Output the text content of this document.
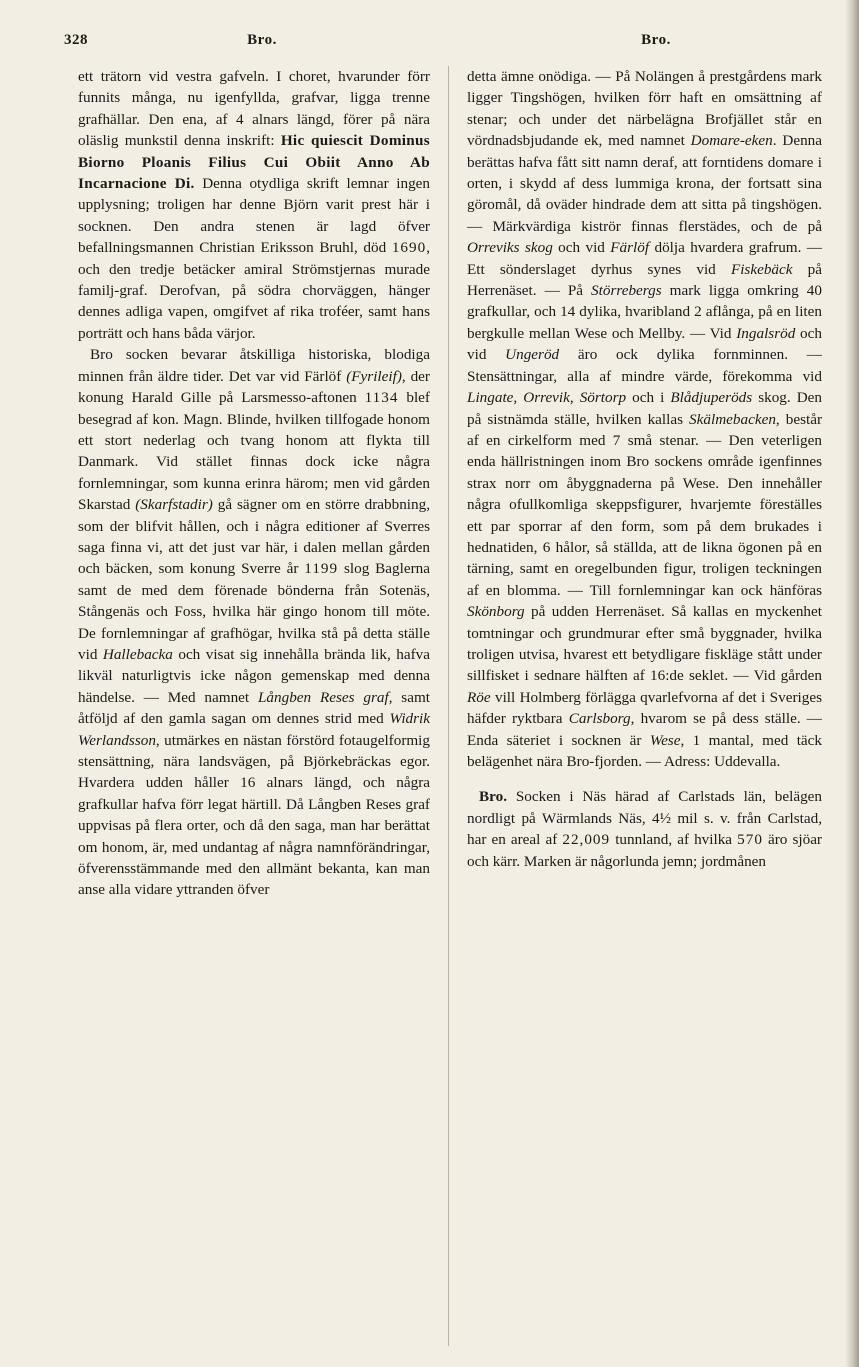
328	Bro.	Bro.

ett trätorn vid vestra gafveln. I choret, hvarunder förr funnits många, nu igenfyllda, grafvar, ligga trenne grafhällar. Den ena, af 4 alnars längd, förer på nära oläslig munkstil denna inskrift: Hic quiescit Dominus Biorno Ploanis Filius Cui Obiit Anno Ab Incarnacione Di. Denna otydliga skrift lemnar ingen upplysning; troligen har denne Björn varit prest här i socknen. Den andra stenen är lagd öfver befallningsmannen Christian Eriksson Bruhl, död 1690, och den tredje betäcker amiral Strömstjernas murade familj-graf. Derofvan, på södra chorväggen, hänger dennes adliga vapen, omgifvet af rika troféer, samt hans porträtt och hans båda värjor.

Bro socken bevarar åtskilliga historiska, blodiga minnen från äldre tider. Det var vid Färlöf (Fyrileif), der konung Harald Gille på Larsmesso-aftonen 1134 blef besegrad af kon. Magn. Blinde, hvilken tillfogade honom ett stort nederlag och tvang honom att flykta till Danmark. Vid stället finnas dock icke några fornlemningar, som kunna erinra härom; men vid gården Skarstad (Skarfstadir) gå sägner om en större drabbning, som der blifvit hållen, och i några editioner af Sverres saga finna vi, att det just var här, i dalen mellan gården och bäcken, som konung Sverre år 1199 slog Baglerna samt de med dem förenade bönderna från Sotenäs, Stångenäs och Foss, hvilka här gingo honom till möte. De fornlemningar af grafhögar, hvilka stå på detta ställe vid Hallebacka och visat sig innehålla brända lik, hafva likväl naturligtvis icke någon gemenskap med denna händelse. — Med namnet Långben Reses graf, samt åtföljd af den gamla sagan om dennes strid med Widrik Werlandsson, utmärkes en nästan förstörd fotaugelformig stensättning, nära landsvägen, på Björkebräckas egor. Hvardera udden håller 16 alnars längd, och några grafkullar hafva förr legat härtill. Då Långben Reses graf uppvisas på flera orter, och då den saga, man har berättat om honom, är, med undantag af några namnförändringar, öfverensstämmande med den allmänt bekanta, kan man anse alla vidare yttranden öfver

detta ämne onödiga. — På Nolängen å prestgårdens mark ligger Tingshögen, hvilken förr haft en omsättning af stenar; och under det närbelägna Brofjället står en vördnadsbjudande ek, med namnet Domare-eken. Denna berättas hafva fått sitt namn deraf, att forntidens domare i orten, i skydd af dess lummiga krona, der fortsatt sina göromål, då oväder hindrade dem att sitta på tingshögen. — Märkvärdiga kiströr finnas flerstädes, och de på Orreviks skog och vid Färlöf dölja hvardera grafrum. — Ett sönderslaget dyrhus synes vid Fiskebäck på Herrenäset. — På Störrebergs mark ligga omkring 40 grafkullar, och 14 dylika, hvaribland 2 aflånga, på en liten bergkulle mellan Wese och Mellby. — Vid Ingalsröd och vid Ungeröd äro ock dylika fornminnen. — Stensättningar, alla af mindre värde, förekomma vid Lingate, Orrevik, Sörtorp och i Blådjuperöds skog. Den på sistnämda ställe, hvilken kallas Skälmebacken, består af en cirkelform med 7 små stenar. — Den veterligen enda hällristningen inom Bro sockens område igenfinnes strax norr om åbyggnaderna på Wese. Den innehåller några ofullkomliga skeppsfigurer, hvarjemte föreställes ett par sporrar af den form, som på dem brukades i hednatiden, 6 hålor, så ställda, att de likna ögonen på en tärning, samt en oregelbunden figur, troligen teckningen af en blomma. — Till fornlemningar kan ock hänföras Skönborg på udden Herrenäset. Så kallas en myckenhet tomtningar och grundmurar efter små byggnader, hvilka troligen utvisa, hvarest ett betydligare fiskläge stått under sillfisket i sednare hälften af 16:de seklet. — Vid gården Röe vill Holmberg förlägga qvarlefvorna af det i Sveriges häfder ryktbara Carlsborg, hvarom se på dess ställe. — Enda säteriet i socknen är Wese, 1 mantal, med täck belägenhet nära Bro-fjorden. — Adress: Uddevalla.

Bro. Socken i Näs härad af Carlstads län, belägen nordligt på Wärmlands Näs, 4½ mil s. v. från Carlstad, har en areal af 22,009 tunnland, af hvilka 570 äro sjöar och kärr. Marken är någorlunda jemn; jordmånen
